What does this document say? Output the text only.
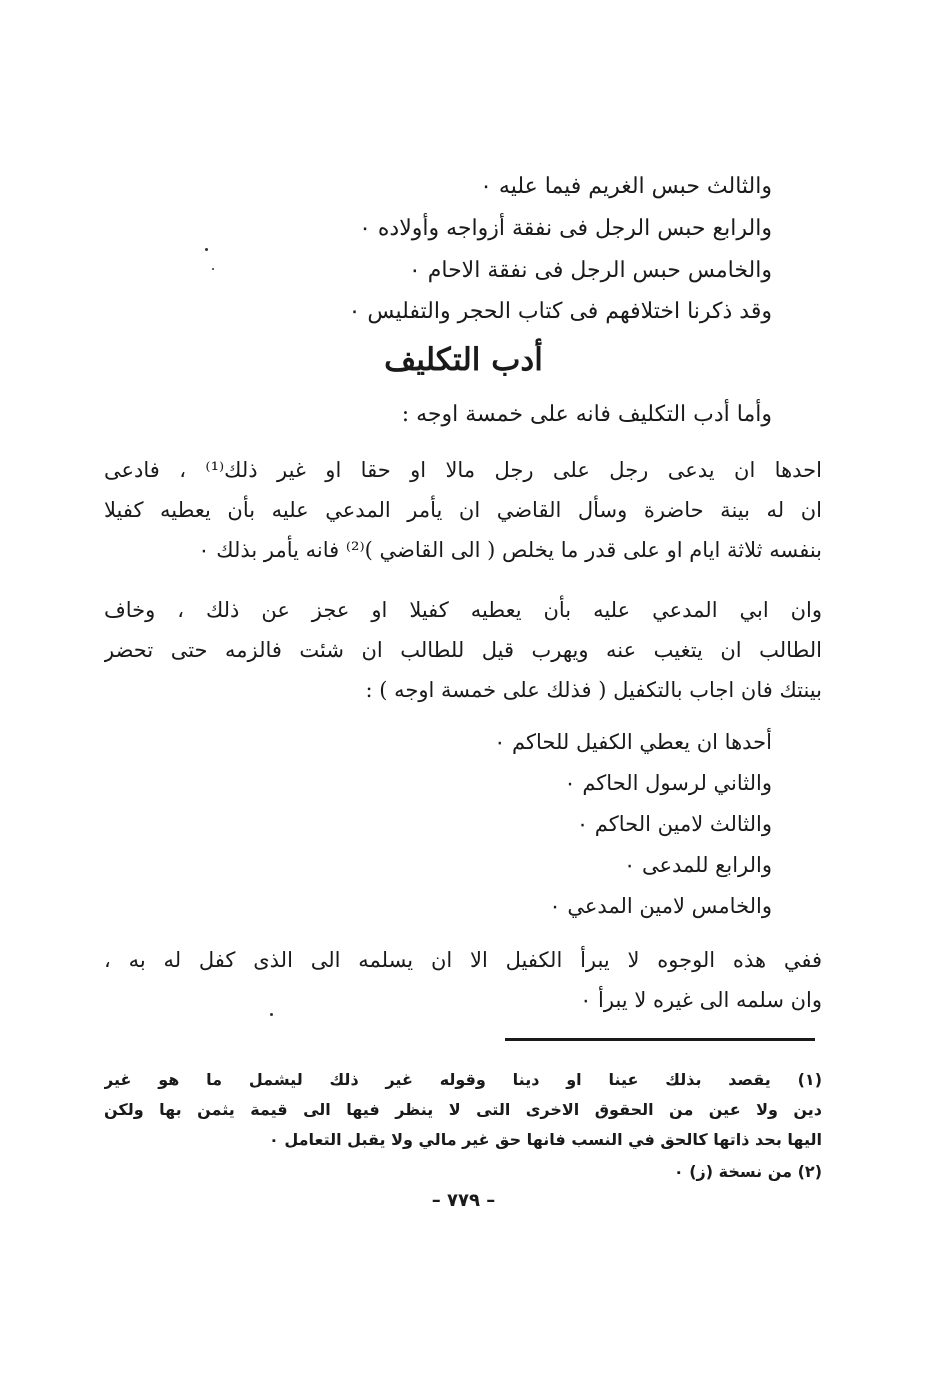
والثالث حبس الغريم فيما عليه ٠
والرابع حبس الرجل فى نفقة أزواجه وأولاده ٠
والخامس حبس الرجل فى نفقة الاحام ٠
وقد ذكرنا اختلافهم فى كتاب الحجر والتفليس ٠
أدب التكليف
وأما أدب التكليف فانه على خمسة اوجه :
احدها ان يدعى رجل على رجل مالا او حقا او غير ذلك⁽¹⁾ ، فادعى
ان له بينة حاضرة وسأل القاضي ان يأمر المدعي عليه بأن يعطيه كفيلا
بنفسه ثلاثة ايام او على قدر ما يخلص ( الى القاضي )⁽²⁾ فانه يأمر بذلك ٠
وان ابي المدعي عليه بأن يعطيه كفيلا او عجز عن ذلك ، وخاف
الطالب ان يتغيب عنه ويهرب قيل للطالب ان شئت فالزمه حتى تحضر
بينتك فان اجاب بالتكفيل ( فذلك على خمسة اوجه ) :
أحدها ان يعطي الكفيل للحاكم ٠
والثاني لرسول الحاكم ٠
والثالث لامين الحاكم ٠
والرابع للمدعى ٠
والخامس لامين المدعي ٠
ففي هذه الوجوه لا يبرأ الكفيل الا ان يسلمه الى الذى كفل له به ،
وان سلمه الى غيره لا يبرأ ٠
(١) يقصد بذلك عينا او دينا وقوله غير ذلك ليشمل ما هو غير
دين ولا عين من الحقوق الاخرى التى لا ينظر فيها الى قيمة يثمن بها ولكن
اليها بحد ذاتها كالحق في النسب فانها حق غير مالي ولا يقبل التعامل ٠
(٢) من نسخة (ز) ٠
– ٧٧٩ –
